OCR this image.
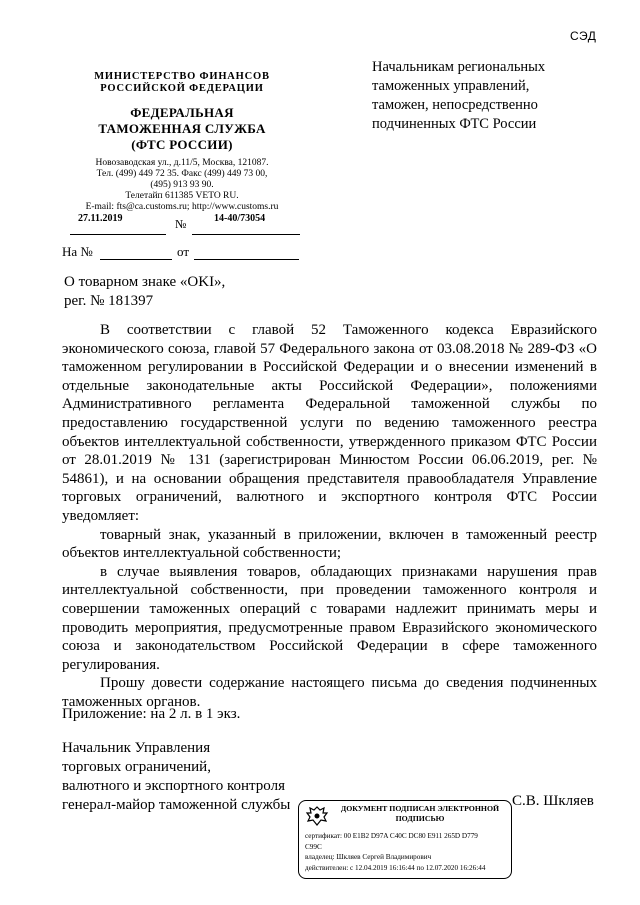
СЭД
МИНИСТЕРСТВО ФИНАНСОВ
РОССИЙСКОЙ ФЕДЕРАЦИИ
ФЕДЕРАЛЬНАЯ
ТАМОЖЕННАЯ СЛУЖБА
(ФТС РОССИИ)
Новозаводская ул., д.11/5, Москва, 121087.
Тел. (499) 449 72 35. Факс (499) 449 73 00,
(495) 913 93 90.
Телетайп 611385 VETO RU.
E-mail: fts@ca.customs.ru; http://www.customs.ru
27.11.2019	№	14-40/73054
На №	от
Начальникам региональных
таможенных управлений,
таможен, непосредственно
подчиненных ФТС России
О товарном знаке «OKI»,
рег. № 181397

В соответствии с главой 52 Таможенного кодекса Евразийского экономического союза, главой 57 Федерального закона от 03.08.2018 № 289-ФЗ «О таможенном регулировании в Российской Федерации и о внесении изменений в отдельные законодательные акты Российской Федерации», положениями Административного регламента Федеральной таможенной службы по предоставлению государственной услуги по ведению таможенного реестра объектов интеллектуальной собственности, утвержденного приказом ФТС России от 28.01.2019 № 131 (зарегистрирован Минюстом России 06.06.2019, рег. № 54861), и на основании обращения представителя правообладателя Управление торговых ограничений, валютного и экспортного контроля ФТС России уведомляет:

товарный знак, указанный в приложении, включен в таможенный реестр объектов интеллектуальной собственности;

в случае выявления товаров, обладающих признаками нарушения прав интеллектуальной собственности, при проведении таможенного контроля и совершении таможенных операций с товарами надлежит принимать меры и проводить мероприятия, предусмотренные правом Евразийского экономического союза и законодательством Российской Федерации в сфере таможенного регулирования.

Прошу довести содержание настоящего письма до сведения подчиненных таможенных органов.

Приложение: на 2 л. в 1 экз.
Начальник Управления
торговых ограничений,
валютного и экспортного контроля
генерал-майор таможенной службы	С.В. Шкляев
ДОКУМЕНТ ПОДПИСАН ЭЛЕКТРОННОЙ ПОДПИСЬЮ
сертификат: 00 E1B2 D97A C40C DC80 E911 265D D779
C99C
владелец: Шкляев Сергей Владимирович
действителен: с 12.04.2019 16:16:44 по 12.07.2020 16:26:44
